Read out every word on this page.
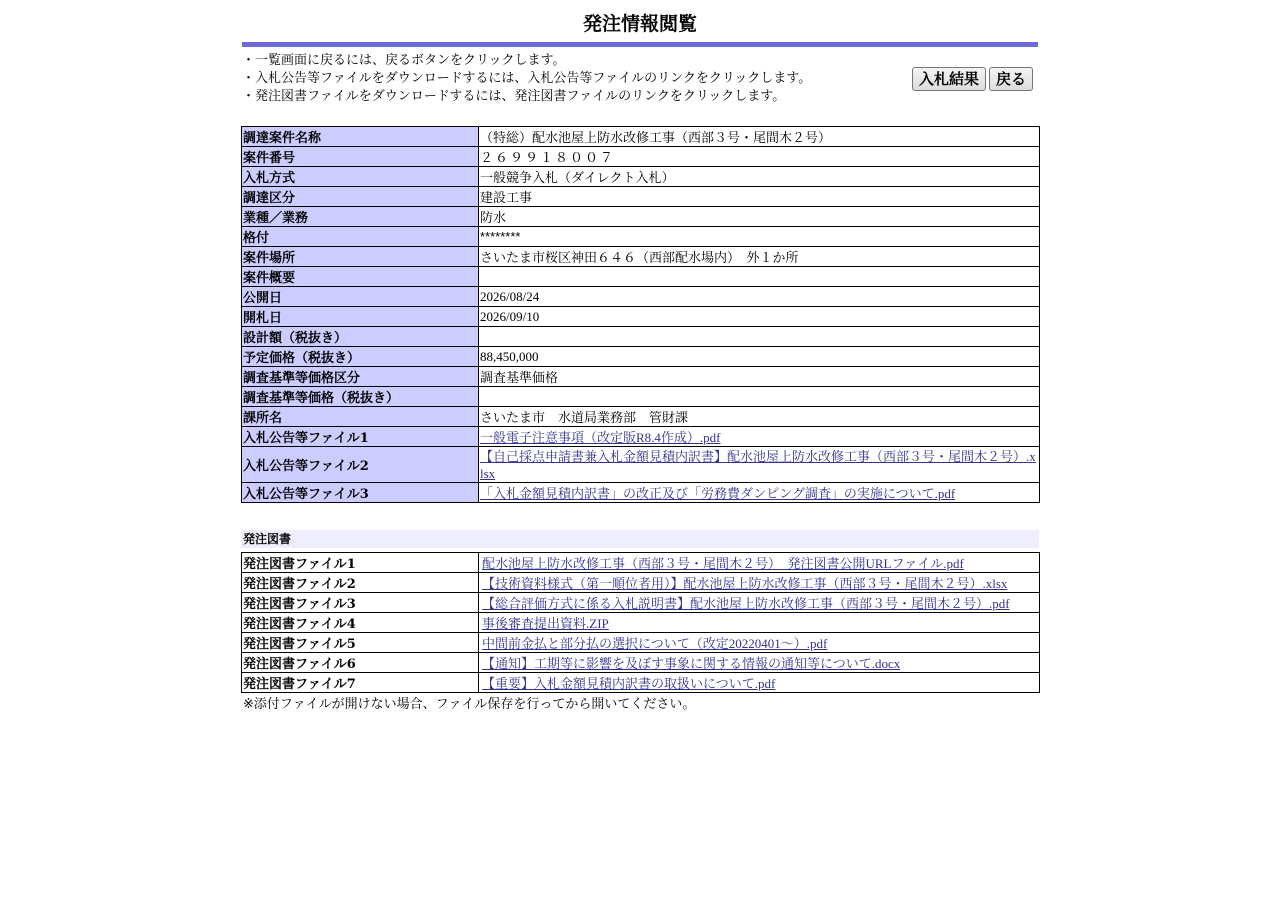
発注情報閲覧
・一覧画面に戻るには、戻るボタンをクリックします。
・入札公告等ファイルをダウンロードするには、入札公告等ファイルのリンクをクリックします。
・発注図書ファイルをダウンロードするには、発注図書ファイルのリンクをクリックします。
入札結果	戻る
調達案件名称	（特総）配水池屋上防水改修工事（西部３号・尾間木２号）
案件番号	２６９９１８００７
入札方式	一般競争入札（ダイレクト入札）
調達区分	建設工事
業種／業務	防水
格付	********
案件場所	さいたま市桜区神田６４６（西部配水場内）　外１か所
案件概要	
公開日	2026/08/24
開札日	2026/09/10
設計額（税抜き）	
予定価格（税抜き）	88,450,000
調査基準等価格区分	調査基準価格
調査基準等価格（税抜き）	
課所名	さいたま市　水道局業務部　管財課
入札公告等ファイル1	一般電子注意事項（改定版R8.4作成）.pdf
入札公告等ファイル2	【自己採点申請書兼入札金額見積内訳書】配水池屋上防水改修工事（西部３号・尾間木２号）.xlsx
入札公告等ファイル3	「入札金額見積内訳書」の改正及び「労務費ダンピング調査」の実施について.pdf
発注図書
発注図書ファイル1	配水池屋上防水改修工事（西部３号・尾間木２号）　発注図書公開URLファイル.pdf
発注図書ファイル2	【技術資料様式（第一順位者用）】配水池屋上防水改修工事（西部３号・尾間木２号）.xlsx
発注図書ファイル3	【総合評価方式に係る入札説明書】配水池屋上防水改修工事（西部３号・尾間木２号）.pdf
発注図書ファイル4	事後審査提出資料.ZIP
発注図書ファイル5	中間前金払と部分払の選択について（改定20220401～）.pdf
発注図書ファイル6	【通知】工期等に影響を及ぼす事象に関する情報の通知等について.docx
発注図書ファイル7	【重要】入札金額見積内訳書の取扱いについて.pdf
※添付ファイルが開けない場合、ファイル保存を行ってから開いてください。
